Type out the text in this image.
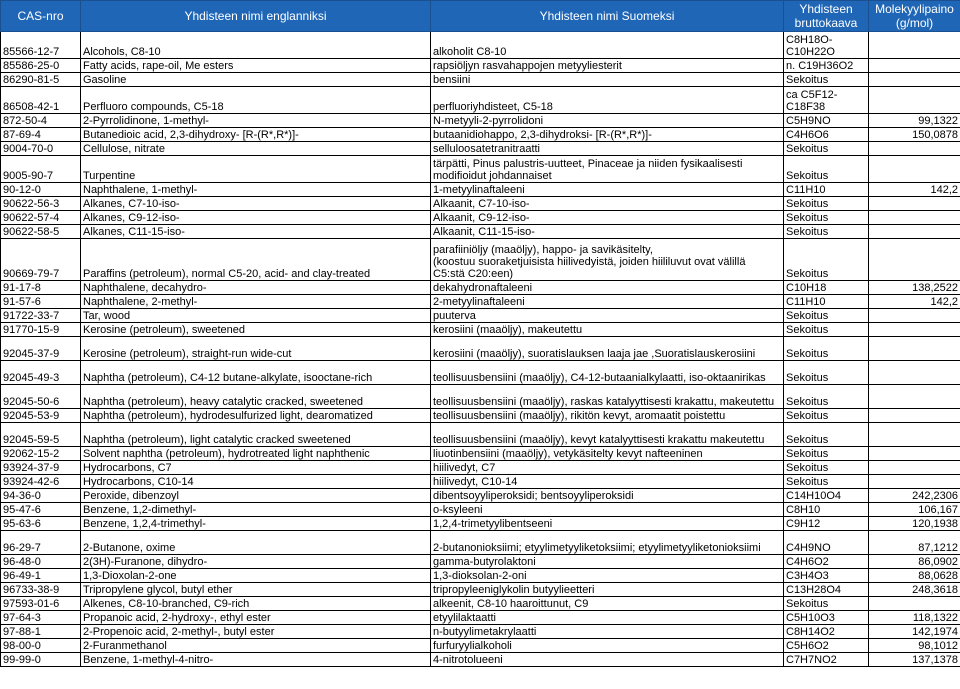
CAS-nro	Yhdisteen nimi englanniksi	Yhdisteen nimi Suomeksi	Yhdisteen bruttokaava	Molekyylipaino (g/mol)
85566-12-7	Alcohols, C8-10	alkoholit C8-10	C8H18O-
C10H22O	
85586-25-0	Fatty acids, rape-oil, Me esters	rapsiöljyn rasvahappojen metyyliesterit	n. C19H36O2	
86290-81-5	Gasoline	bensiini	Sekoitus	
86508-42-1	Perfluoro compounds, C5-18	perfluoriyhdisteet, C5-18	ca C5F12-
C18F38	
872-50-4	2-Pyrrolidinone, 1-methyl-	N-metyyli-2-pyrrolidoni	C5H9NO	99,1322
87-69-4	Butanedioic acid, 2,3-dihydroxy- [R-(R*,R*)]-	butaanidiohappo, 2,3-dihydroksi- [R-(R*,R*)]-	C4H6O6	150,0878
9004-70-0	Cellulose, nitrate	selluloosatetranitraatti	Sekoitus	
9005-90-7	Turpentine	tärpätti, Pinus palustris-uutteet, Pinaceae ja niiden fysikaalisesti
modifioidut johdannaiset	Sekoitus	
90-12-0	Naphthalene, 1-methyl-	1-metyylinaftaleeni	C11H10	142,2
90622-56-3	Alkanes, C7-10-iso-	Alkaanit, C7-10-iso-	Sekoitus	
90622-57-4	Alkanes, C9-12-iso-	Alkaanit, C9-12-iso-	Sekoitus	
90622-58-5	Alkanes, C11-15-iso-	Alkaanit, C11-15-iso-	Sekoitus	
90669-79-7	Paraffins (petroleum), normal C5-20, acid- and clay-treated	parafiiniöljy (maaöljy), happo- ja savikäsitelty,
(koostuu suoraketjuisista hiilivedyistä, joiden hiililuvut ovat välillä
C5:stä C20:een)	Sekoitus	
91-17-8	Naphthalene, decahydro-	dekahydronaftaleeni	C10H18	138,2522
91-57-6	Naphthalene, 2-methyl-	2-metyylinaftaleeni	C11H10	142,2
91722-33-7	Tar, wood	puuterva	Sekoitus	
91770-15-9	Kerosine (petroleum), sweetened	kerosiini (maaöljy), makeutettu	Sekoitus	
92045-37-9	Kerosine (petroleum), straight-run wide-cut	kerosiini (maaöljy), suoratislauksen laaja jae ,Suoratislauskerosiini	Sekoitus	
92045-49-3	Naphtha (petroleum), C4-12 butane-alkylate, isooctane-rich	teollisuusbensiini (maaöljy), C4-12-butaanialkylaatti, iso-oktaanirikas	Sekoitus	
92045-50-6	Naphtha (petroleum), heavy catalytic cracked, sweetened	teollisuusbensiini (maaöljy), raskas katalyyttisesti krakattu, makeutettu	Sekoitus	
92045-53-9	Naphtha (petroleum), hydrodesulfurized light, dearomatized	teollisuusbensiini (maaöljy), rikitön kevyt, aromaatit poistettu	Sekoitus	
92045-59-5	Naphtha (petroleum), light catalytic cracked sweetened	teollisuusbensiini (maaöljy), kevyt katalyyttisesti krakattu makeutettu	Sekoitus	
92062-15-2	Solvent naphtha (petroleum), hydrotreated light naphthenic	liuotinbensiini (maaöljy), vetykäsitelty kevyt nafteeninen	Sekoitus	
93924-37-9	Hydrocarbons, C7	hiilivedyt, C7	Sekoitus	
93924-42-6	Hydrocarbons, C10-14	hiilivedyt, C10-14	Sekoitus	
94-36-0	Peroxide, dibenzoyl	dibentsoyyliperoksidi; bentsoyyliperoksidi	C14H10O4	242,2306
95-47-6	Benzene, 1,2-dimethyl-	o-ksyleeni	C8H10	106,167
95-63-6	Benzene, 1,2,4-trimethyl-	1,2,4-trimetyylibentseeni	C9H12	120,1938
96-29-7	2-Butanone, oxime	2-butanonioksiimi; etyylimetyyliketoksiimi; etyylimetyyliketonioksiimi	C4H9NO	87,1212
96-48-0	2(3H)-Furanone, dihydro-	gamma-butyrolaktoni	C4H6O2	86,0902
96-49-1	1,3-Dioxolan-2-one	1,3-dioksolan-2-oni	C3H4O3	88,0628
96733-38-9	Tripropylene glycol, butyl ether	tripropyleeniglykolin butyylieetteri	C13H28O4	248,3618
97593-01-6	Alkenes, C8-10-branched, C9-rich	alkeenit, C8-10 haaroittunut, C9	Sekoitus	
97-64-3	Propanoic acid, 2-hydroxy-, ethyl ester	etyylilaktaatti	C5H10O3	118,1322
97-88-1	2-Propenoic acid, 2-methyl-, butyl ester	n-butyylimetakrylaatti	C8H14O2	142,1974
98-00-0	2-Furanmethanol	furfuryylialkoholi	C5H6O2	98,1012
99-99-0	Benzene, 1-methyl-4-nitro-	4-nitrotolueeni	C7H7NO2	137,1378
